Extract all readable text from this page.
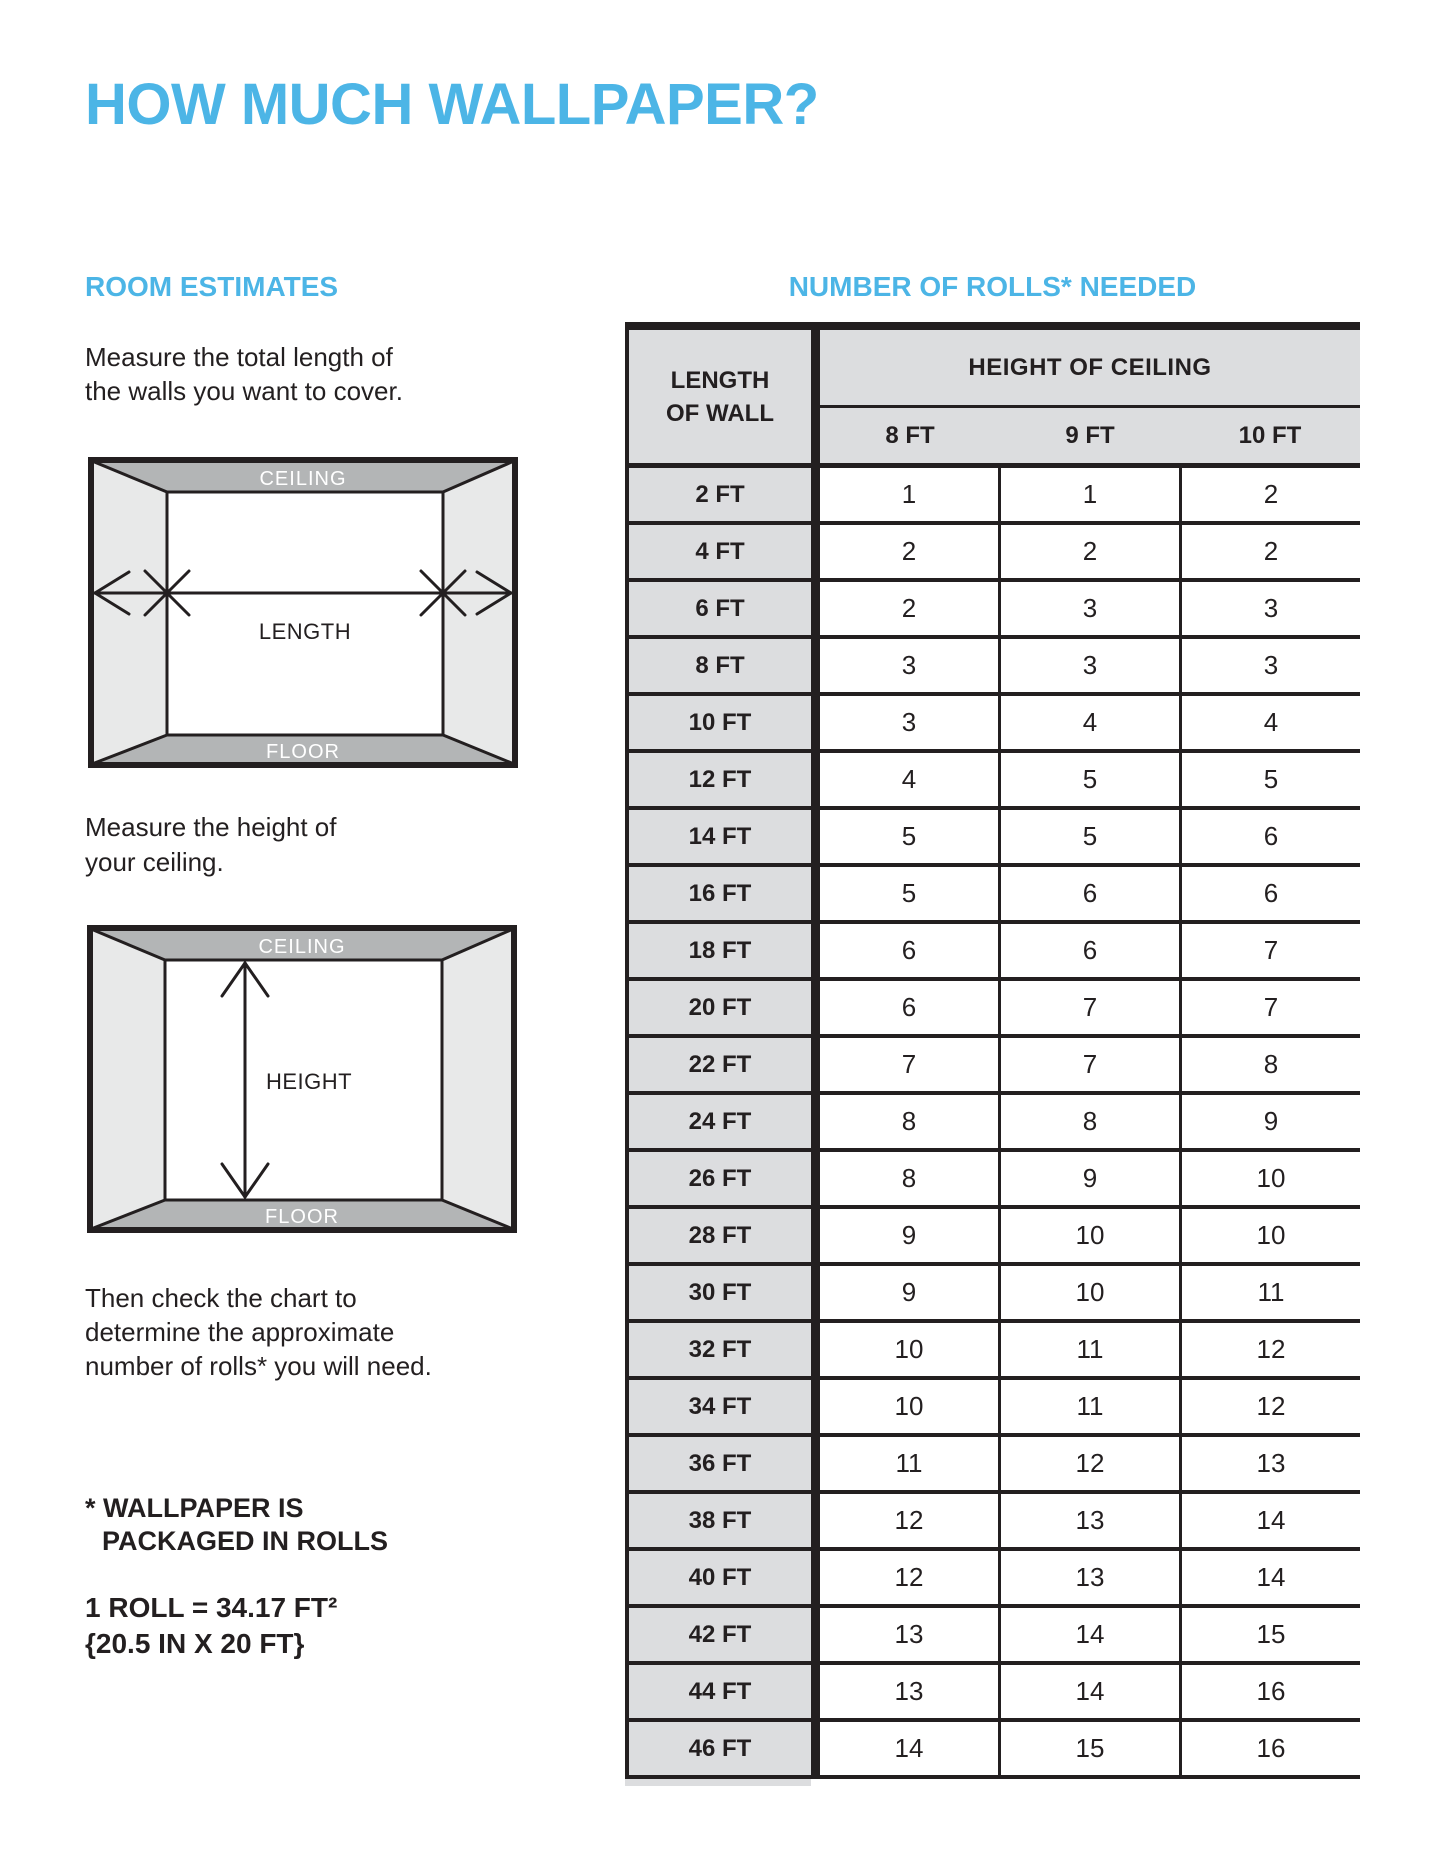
HOW MUCH WALLPAPER?
ROOM ESTIMATES	NUMBER OF ROLLS* NEEDED
Measure the total length of
the walls you want to cover.
CEILING
LENGTH
FLOOR
Measure the height of
your ceiling.
CEILING
HEIGHT
FLOOR
Then check the chart to
determine the approximate
number of rolls* you will need.
* WALLPAPER IS
PACKAGED IN ROLLS
1 ROLL = 34.17 FT²
{20.5 IN X 20 FT}
LENGTH
OF WALL
HEIGHT OF CEILING
8 FT	9 FT	10 FT
2 FT	1	1	2
4 FT	2	2	2
6 FT	2	3	3
8 FT	3	3	3
10 FT	3	4	4
12 FT	4	5	5
14 FT	5	5	6
16 FT	5	6	6
18 FT	6	6	7
20 FT	6	7	7
22 FT	7	7	8
24 FT	8	8	9
26 FT	8	9	10
28 FT	9	10	10
30 FT	9	10	11
32 FT	10	11	12
34 FT	10	11	12
36 FT	11	12	13
38 FT	12	13	14
40 FT	12	13	14
42 FT	13	14	15
44 FT	13	14	16
46 FT	14	15	16
